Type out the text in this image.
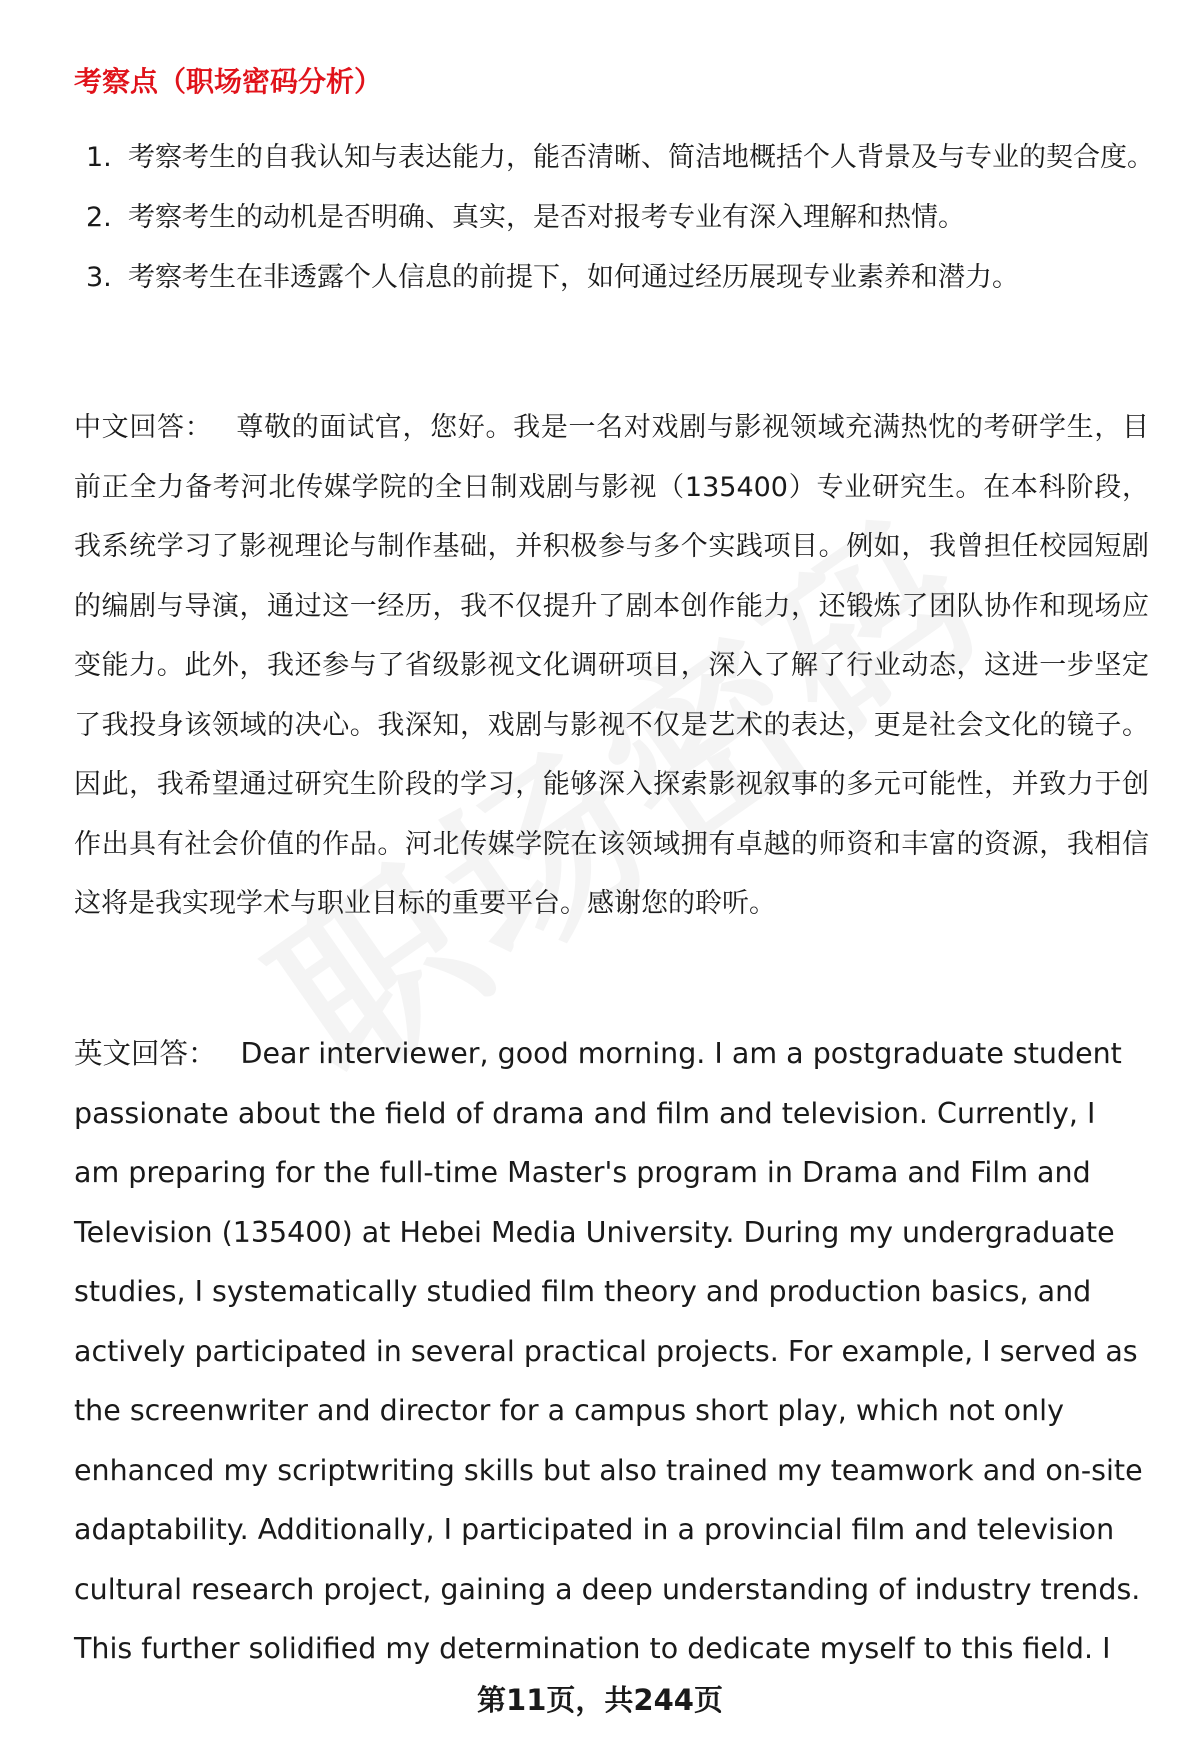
考察点（职场密码分析）
1. 考察考生的自我认知与表达能力，能否清晰、简洁地概括个人背景及与专业的契合度。
2. 考察考生的动机是否明确、真实，是否对报考专业有深入理解和热情。
3. 考察考生在非透露个人信息的前提下，如何通过经历展现专业素养和潜力。

中文回答： 尊敬的面试官，您好。我是一名对戏剧与影视领域充满热忱的考研学生，目前正全力备考河北传媒学院的全日制戏剧与影视（135400）专业研究生。在本科阶段，我系统学习了影视理论与制作基础，并积极参与多个实践项目。例如，我曾担任校园短剧的编剧与导演，通过这一经历，我不仅提升了剧本创作能力，还锻炼了团队协作和现场应变能力。此外，我还参与了省级影视文化调研项目，深入了解了行业动态，这进一步坚定了我投身该领域的决心。我深知，戏剧与影视不仅是艺术的表达，更是社会文化的镜子。因此，我希望通过研究生阶段的学习，能够深入探索影视叙事的多元可能性，并致力于创作出具有社会价值的作品。河北传媒学院在该领域拥有卓越的师资和丰富的资源，我相信这将是我实现学术与职业目标的重要平台。感谢您的聆听。

英文回答： Dear interviewer, good morning. I am a postgraduate student passionate about the field of drama and film and television. Currently, I am preparing for the full-time Master's program in Drama and Film and Television (135400) at Hebei Media University. During my undergraduate studies, I systematically studied film theory and production basics, and actively participated in several practical projects. For example, I served as the screenwriter and director for a campus short play, which not only enhanced my scriptwriting skills but also trained my teamwork and on-site adaptability. Additionally, I participated in a provincial film and television cultural research project, gaining a deep understanding of industry trends. This further solidified my determination to dedicate myself to this field. I

第11页，共244页
